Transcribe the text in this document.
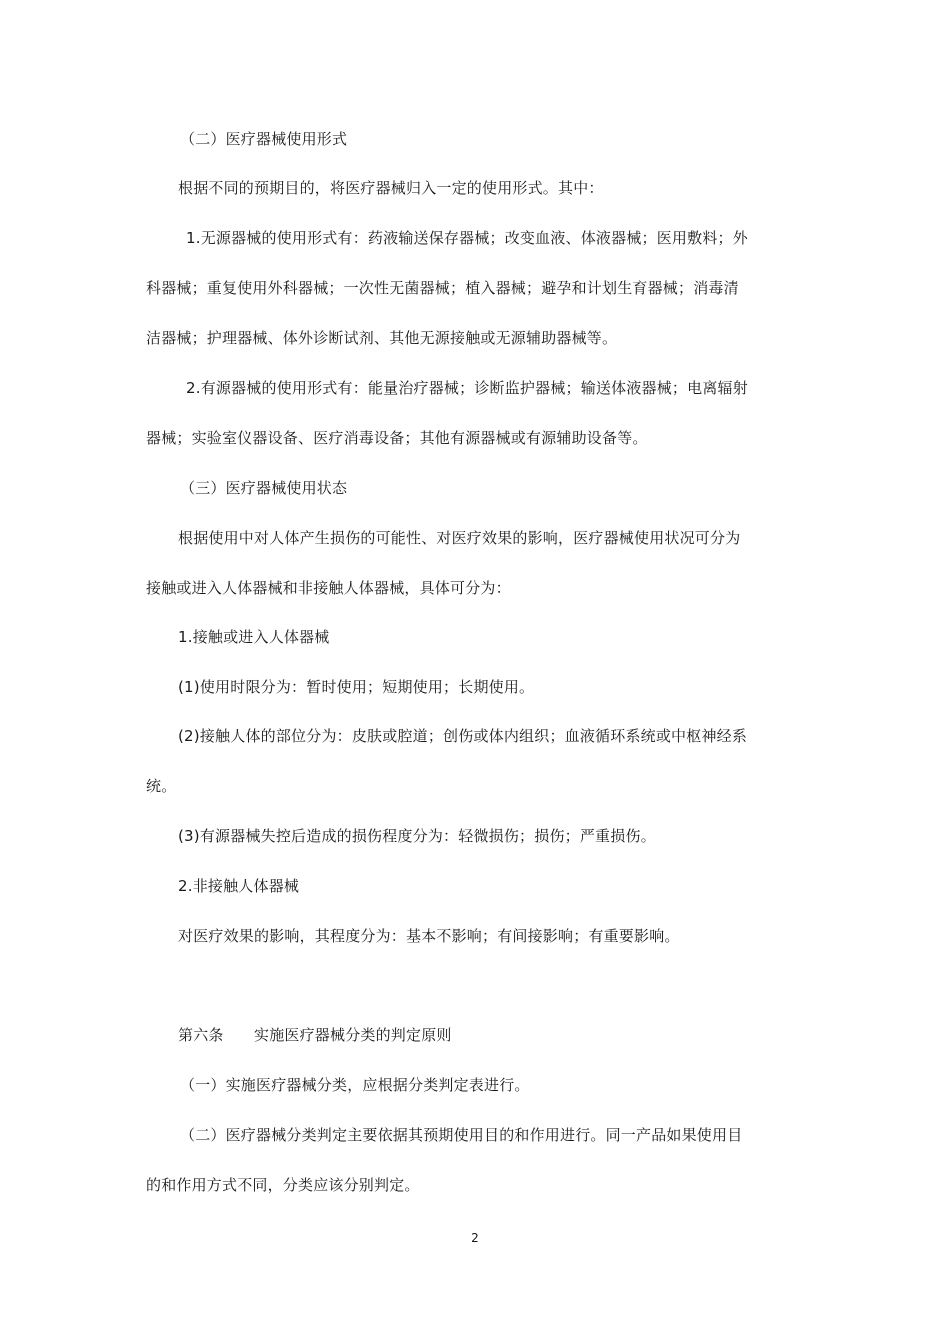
（二）医疗器械使用形式
根据不同的预期目的，将医疗器械归入一定的使用形式。其中：
1.无源器械的使用形式有：药液输送保存器械；改变血液、体液器械；医用敷料；外
科器械；重复使用外科器械；一次性无菌器械；植入器械；避孕和计划生育器械；消毒清
洁器械；护理器械、体外诊断试剂、其他无源接触或无源辅助器械等。
2.有源器械的使用形式有：能量治疗器械；诊断监护器械；输送体液器械；电离辐射
器械；实验室仪器设备、医疗消毒设备；其他有源器械或有源辅助设备等。
（三）医疗器械使用状态
根据使用中对人体产生损伤的可能性、对医疗效果的影响，医疗器械使用状况可分为
接触或进入人体器械和非接触人体器械，具体可分为：
1.接触或进入人体器械
(1)使用时限分为：暂时使用；短期使用；长期使用。
(2)接触人体的部位分为：皮肤或腔道；创伤或体内组织；血液循环系统或中枢神经系
统。
(3)有源器械失控后造成的损伤程度分为：轻微损伤；损伤；严重损伤。
2.非接触人体器械
对医疗效果的影响，其程度分为：基本不影响；有间接影响；有重要影响。
第六条　　实施医疗器械分类的判定原则
（一）实施医疗器械分类，应根据分类判定表进行。
（二）医疗器械分类判定主要依据其预期使用目的和作用进行。同一产品如果使用目
的和作用方式不同，分类应该分别判定。
2
